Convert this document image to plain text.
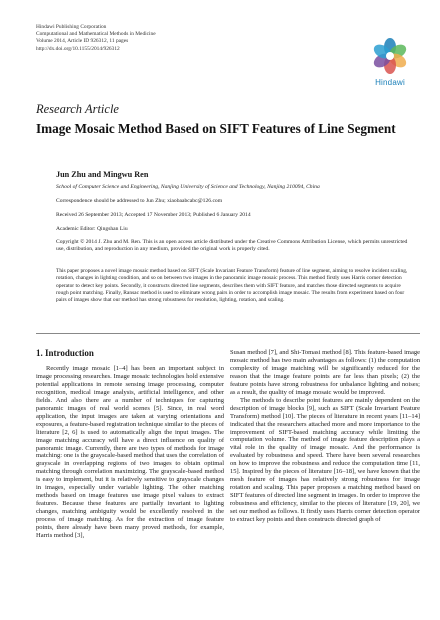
Hindawi Publishing Corporation
Computational and Mathematical Methods in Medicine
Volume 2014, Article ID 926312, 11 pages
http://dx.doi.org/10.1155/2014/926312
Hindawi
Research Article
Image Mosaic Method Based on SIFT Features of Line Segment
Jun Zhu and Mingwu Ren
School of Computer Science and Engineering, Nanjing University of Science and Technology, Nanjing 210094, China
Correspondence should be addressed to Jun Zhu; xiaobaabcabc@126.com
Received 26 September 2013; Accepted 17 November 2013; Published 6 January 2014
Academic Editor: Qingshan Liu
Copyright © 2014 J. Zhu and M. Ren. This is an open access article distributed under the Creative Commons Attribution License, which permits unrestricted use, distribution, and reproduction in any medium, provided the original work is properly cited.
This paper proposes a novel image mosaic method based on SIFT (Scale Invariant Feature Transform) feature of line segment, aiming to resolve incident scaling, rotation, changes in lighting condition, and so on between two images in the panoramic image mosaic process. This method firstly uses Harris corner detection operator to detect key points. Secondly, it constructs directed line segments, describes them with SIFT feature, and matches those directed segments to acquire rough point matching. Finally, Ransac method is used to eliminate wrong pairs in order to accomplish image mosaic. The results from experiment based on four pairs of images show that our method has strong robustness for resolution, lighting, rotation, and scaling.
1. Introduction

Recently image mosaic [1–4] has been an important subject in image processing researches. Image mosaic technologies hold extensive potential applications in remote sensing image processing, computer recognition, medical image analysis, artificial intelligence, and other fields. And also there are a number of techniques for capturing panoramic images of real world scenes [5]. Since, in real word application, the input images are taken at varying orientations and exposures, a feature-based registration technique similar to the pieces of literature [2, 6] is used to automatically align the input images. The image matching accuracy will have a direct influence on quality of panoramic image. Currently, there are two types of methods for image matching: one is the grayscale-based method that uses the correlation of grayscale in overlapping regions of two images to obtain optimal matching through correlation maximizing. The grayscale-based method is easy to implement, but it is relatively sensitive to grayscale changes in images, especially under variable lighting. The other matching methods based on image features use image pixel values to extract features. Because these features are partially invariant to lighting changes, matching ambiguity would be excellently resolved in the process of image matching. As for the extraction of image feature points, there already have been many proved methods, for example, Harris method [3],

Susan method [7], and Shi-Tomasi method [8]. This feature-based image mosaic method has two main advantages as follows: (1) the computation complexity of image matching will be significantly reduced for the reason that the image feature points are far less than pixels; (2) the feature points have strong robustness for unbalance lighting and noises; as a result, the quality of image mosaic would be improved.

The methods to describe point features are mainly dependent on the description of image blocks [9], such as SIFT (Scale Invariant Feature Transform) method [10]. The pieces of literature in recent years [11–14] indicated that the researchers attached more and more importance to the improvement of SIFT-based matching accuracy while limiting the computation volume. The method of image feature description plays a vital role in the quality of image mosaic. And the performance is evaluated by robustness and speed. There have been several researches on how to improve the robustness and reduce the computation time [11, 15]. Inspired by the pieces of literature [16–18], we have known that the mesh feature of images has relatively strong robustness for image rotation and scaling. This paper proposes a matching method based on SIFT features of directed line segment in images. In order to improve the robustness and efficiency, similar to the pieces of literature [19, 20], we set our method as follows. It firstly uses Harris corner detection operator to extract key points and then constructs directed graph of
